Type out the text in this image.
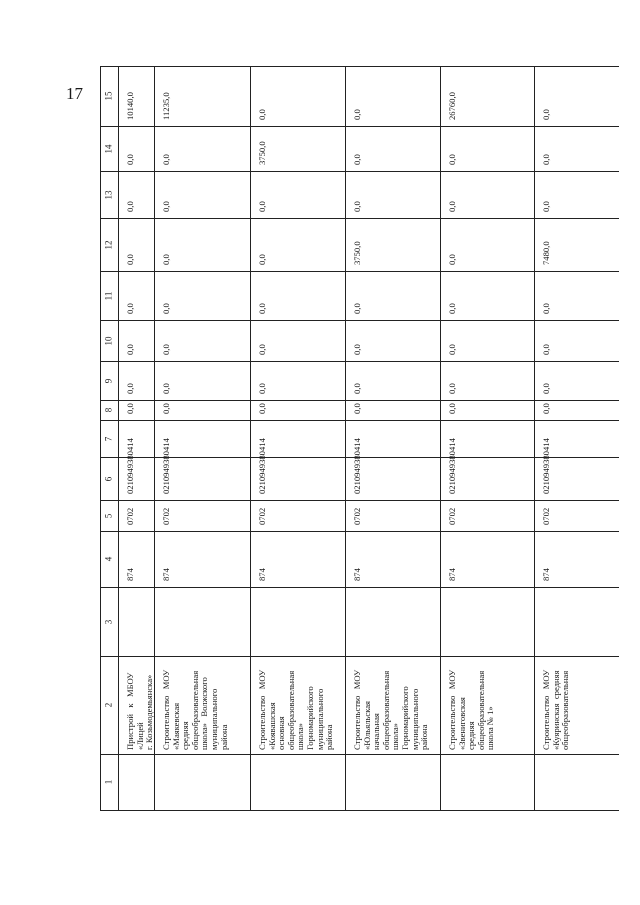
17
1
2
3
4
5
6
7
8
9
10
11
12
13
14
15
Пристрой   к   МБОУ
«Лицей
г. Козьмодемьянска»
874
0702
0210949380
414
0,0
0,0
0,0
0,0
0,0
0,0
0,0
10140,0
Строительство   МОУ
«Маякевская
средняя
общеобразовательная
школа»   Волжского
муниципального
района
874
0702
0210949380
414
0,0
0,0
0,0
0,0
0,0
0,0
0,0
11235,0
Строительство   МОУ
«Коявашская
основная
общеобразовательная
школа»
Горномарийского
муниципального
района
874
0702
0210949380
414
0,0
0,0
0,0
0,0
0,0
0,0
3750,0
0,0
Строительство   МОУ
«Юльяльская
начальная
общеобразовательная
школа»
Горномарийского
муниципального
района
874
0702
0210949380
414
0,0
0,0
0,0
0,0
3750,0
0,0
0,0
0,0
Строительство   МОУ
«Звениговская
средняя
общеобразовательная
школа № 1»
874
0702
0210949380
414
0,0
0,0
0,0
0,0
0,0
0,0
0,0
26760,0
Строительство   МОУ
«Куяринская  средняя
общеобразовательная
874
0702
0210949380
414
0,0
0,0
0,0
0,0
7480,0
0,0
0,0
0,0
